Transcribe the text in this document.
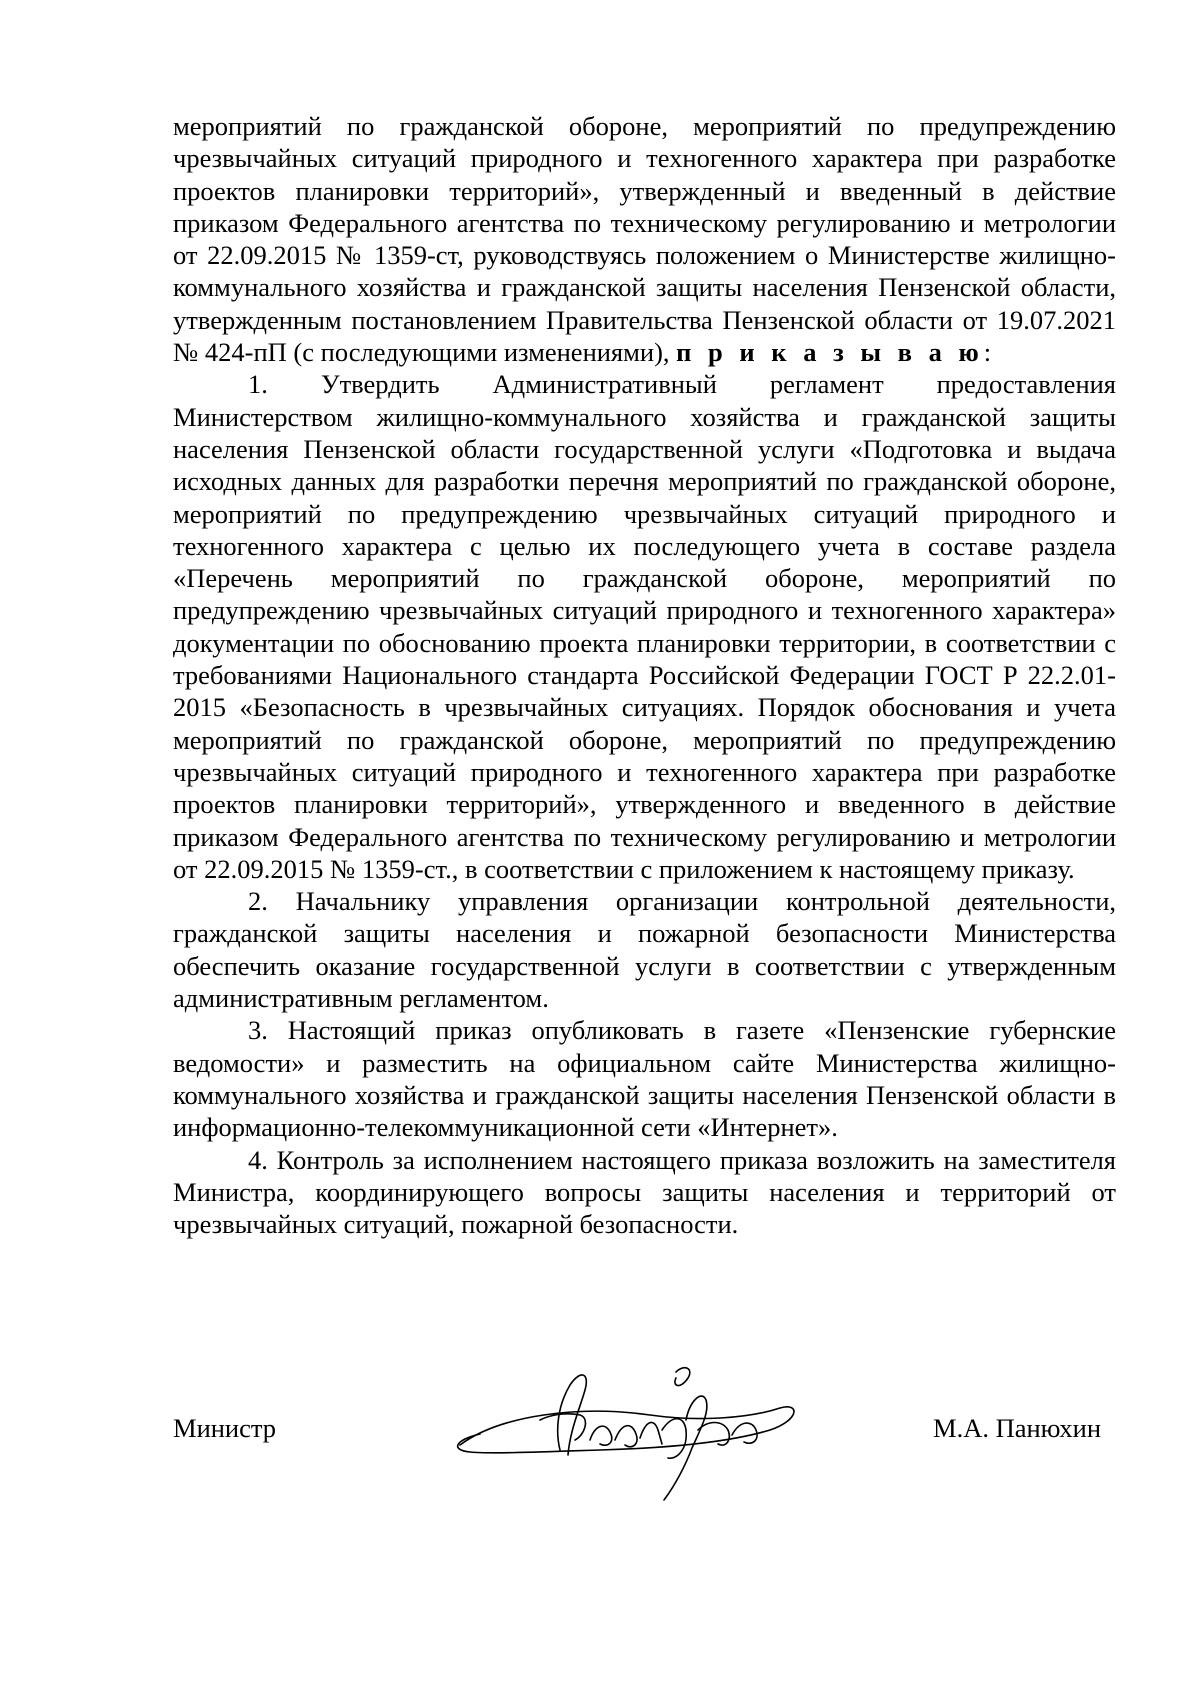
мероприятий по гражданской обороне, мероприятий по предупреждению чрезвычайных ситуаций природного и техногенного характера при разработке проектов планировки территорий», утвержденный и введенный в действие приказом Федерального агентства по техническому регулированию и метрологии от 22.09.2015 № 1359-ст, руководствуясь положением о Министерстве жилищно-коммунального хозяйства и гражданской защиты населения Пензенской области, утвержденным постановлением Правительства Пензенской области от 19.07.2021 № 424-пП (с последующими изменениями), п р и к а з ы в а ю:

1. Утвердить Административный регламент предоставления Министерством жилищно-коммунального хозяйства и гражданской защиты населения Пензенской области государственной услуги «Подготовка и выдача исходных данных для разработки перечня мероприятий по гражданской обороне, мероприятий по предупреждению чрезвычайных ситуаций природного и техногенного характера с целью их последующего учета в составе раздела «Перечень мероприятий по гражданской обороне, мероприятий по предупреждению чрезвычайных ситуаций природного и техногенного характера» документации по обоснованию проекта планировки территории, в соответствии с требованиями Национального стандарта Российской Федерации ГОСТ Р 22.2.01-2015 «Безопасность в чрезвычайных ситуациях. Порядок обоснования и учета мероприятий по гражданской обороне, мероприятий по предупреждению чрезвычайных ситуаций природного и техногенного характера при разработке проектов планировки территорий», утвержденного и введенного в действие приказом Федерального агентства по техническому регулированию и метрологии от 22.09.2015 № 1359-ст., в соответствии с приложением к настоящему приказу.

2. Начальнику управления организации контрольной деятельности, гражданской защиты населения и пожарной безопасности Министерства обеспечить оказание государственной услуги в соответствии с утвержденным административным регламентом.

3. Настоящий приказ опубликовать в газете «Пензенские губернские ведомости» и разместить на официальном сайте Министерства жилищно-коммунального хозяйства и гражданской защиты населения Пензенской области в информационно-телекоммуникационной сети «Интернет».

4. Контроль за исполнением настоящего приказа возложить на заместителя Министра, координирующего вопросы защиты населения и территорий от чрезвычайных ситуаций, пожарной безопасности.

Министр	М.А. Панюхин
